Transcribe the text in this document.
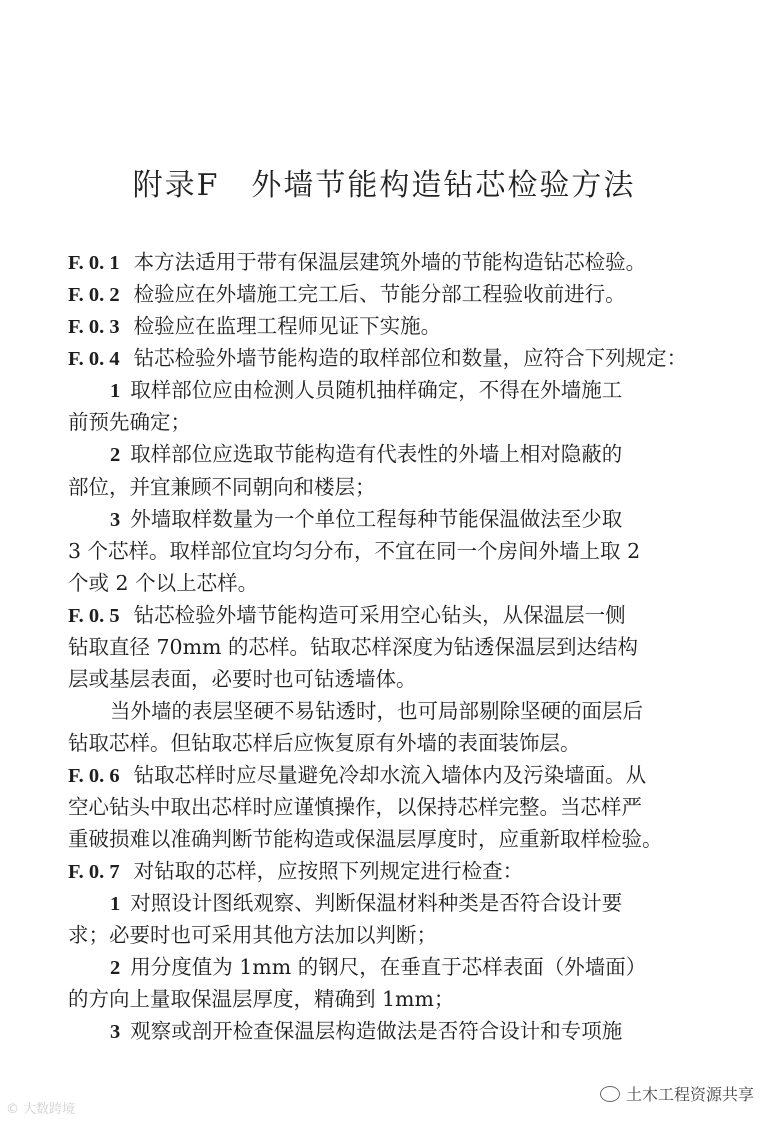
附录F　外墙节能构造钻芯检验方法
F. 0. 1 本方法适用于带有保温层建筑外墙的节能构造钻芯检验。
F. 0. 2 检验应在外墙施工完工后、节能分部工程验收前进行。
F. 0. 3 检验应在监理工程师见证下实施。
F. 0. 4 钻芯检验外墙节能构造的取样部位和数量，应符合下列规定：
1 取样部位应由检测人员随机抽样确定，不得在外墙施工
前预先确定；
2 取样部位应选取节能构造有代表性的外墙上相对隐蔽的
部位，并宜兼顾不同朝向和楼层；
3 外墙取样数量为一个单位工程每种节能保温做法至少取
3 个芯样。取样部位宜均匀分布，不宜在同一个房间外墙上取 2
个或 2 个以上芯样。
F. 0. 5 钻芯检验外墙节能构造可采用空心钻头，从保温层一侧
钻取直径 70mm 的芯样。钻取芯样深度为钻透保温层到达结构
层或基层表面，必要时也可钻透墙体。
当外墙的表层坚硬不易钻透时，也可局部剔除坚硬的面层后
钻取芯样。但钻取芯样后应恢复原有外墙的表面装饰层。
F. 0. 6 钻取芯样时应尽量避免冷却水流入墙体内及污染墙面。从
空心钻头中取出芯样时应谨慎操作，以保持芯样完整。当芯样严
重破损难以准确判断节能构造或保温层厚度时，应重新取样检验。
F. 0. 7 对钻取的芯样，应按照下列规定进行检查：
1 对照设计图纸观察、判断保温材料种类是否符合设计要
求；必要时也可采用其他方法加以判断；
2 用分度值为 1mm 的钢尺，在垂直于芯样表面（外墙面）
的方向上量取保温层厚度，精确到 1mm；
3 观察或剖开检查保温层构造做法是否符合设计和专项施
© 大数跨境
土木工程资源共享
